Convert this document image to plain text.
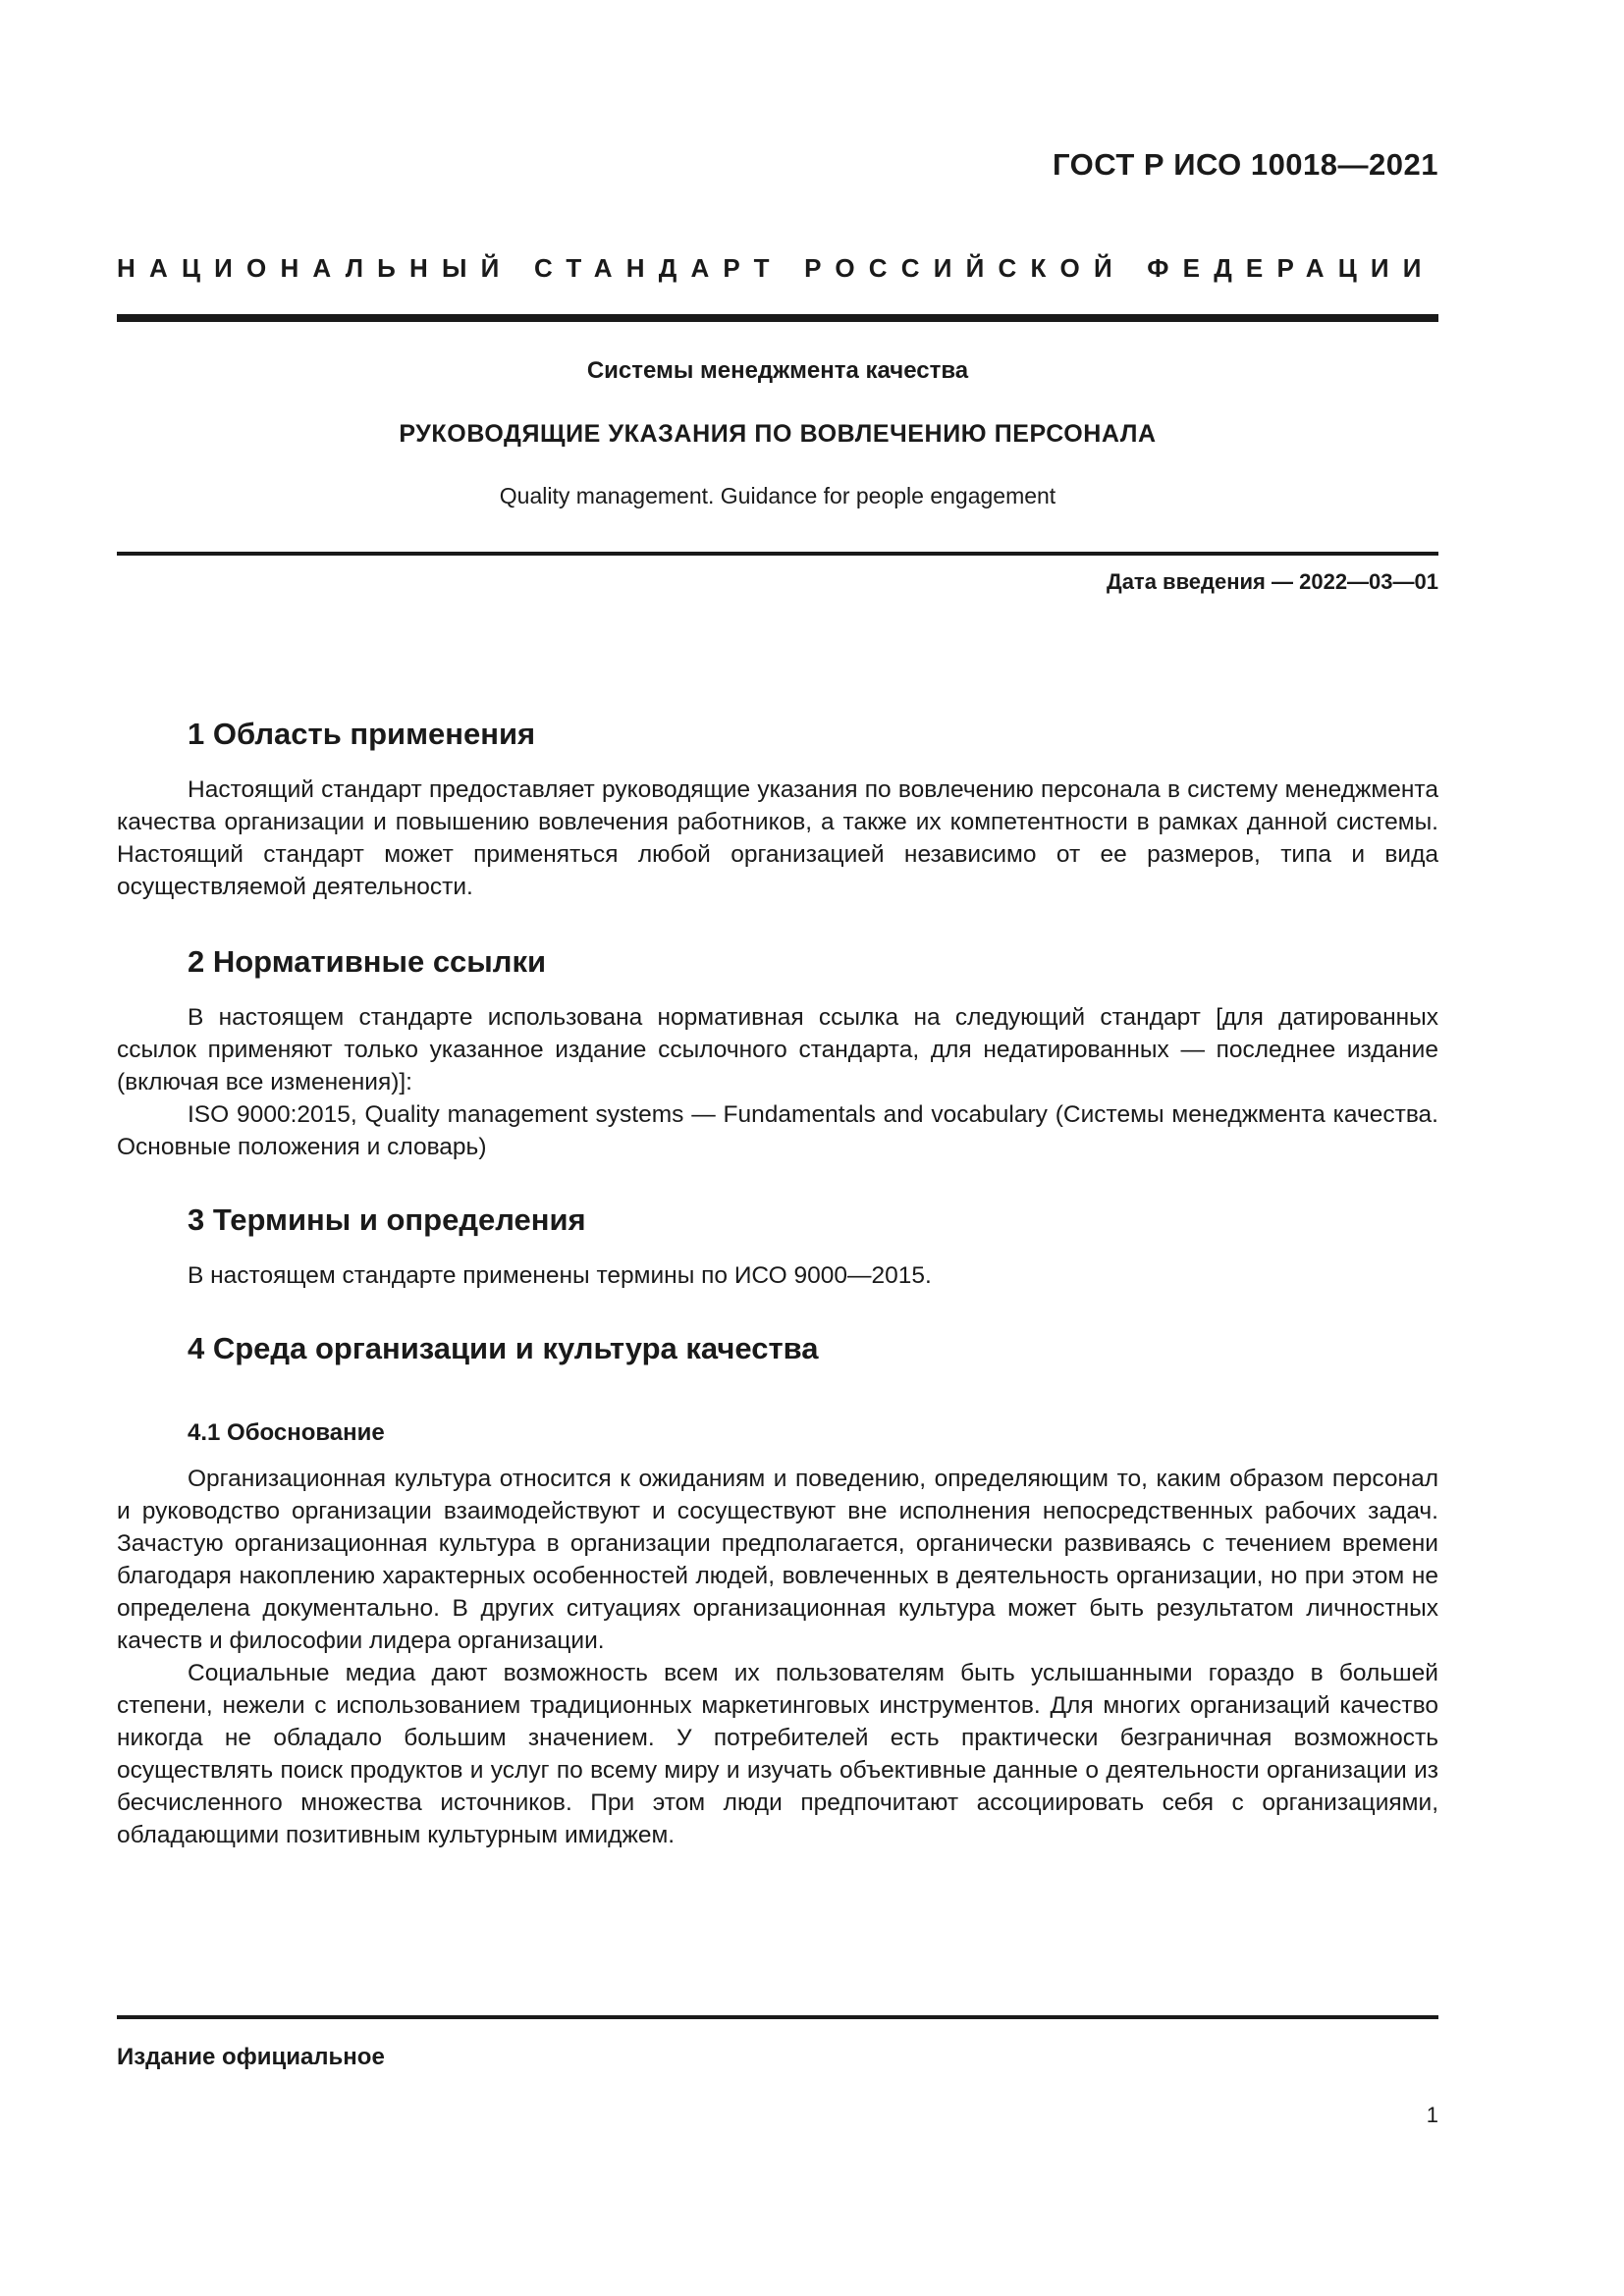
ГОСТ Р ИСО 10018—2021
НАЦИОНАЛЬНЫЙ СТАНДАРТ РОССИЙСКОЙ ФЕДЕРАЦИИ
Системы менеджмента качества
РУКОВОДЯЩИЕ УКАЗАНИЯ ПО ВОВЛЕЧЕНИЮ ПЕРСОНАЛА
Quality management. Guidance for people engagement
Дата введения — 2022—03—01
1 Область применения

Настоящий стандарт предоставляет руководящие указания по вовлечению персонала в систему менеджмента качества организации и повышению вовлечения работников, а также их компетентности в рамках данной системы. Настоящий стандарт может применяться любой организацией независимо от ее размеров, типа и вида осуществляемой деятельности.

2 Нормативные ссылки

В настоящем стандарте использована нормативная ссылка на следующий стандарт [для датированных ссылок применяют только указанное издание ссылочного стандарта, для недатированных — последнее издание (включая все изменения)]:

ISO 9000:2015, Quality management systems — Fundamentals and vocabulary (Системы менеджмента качества. Основные положения и словарь)

3 Термины и определения

В настоящем стандарте применены термины по ИСО 9000—2015.

4 Среда организации и культура качества
4.1 Обоснование

Организационная культура относится к ожиданиям и поведению, определяющим то, каким образом персонал и руководство организации взаимодействуют и сосуществуют вне исполнения непосредственных рабочих задач. Зачастую организационная культура в организации предполагается, органически развиваясь с течением времени благодаря накоплению характерных особенностей людей, вовлеченных в деятельность организации, но при этом не определена документально. В других ситуациях организационная культура может быть результатом личностных качеств и философии лидера организации.

Социальные медиа дают возможность всем их пользователям быть услышанными гораздо в большей степени, нежели с использованием традиционных маркетинговых инструментов. Для многих организаций качество никогда не обладало большим значением. У потребителей есть практически безграничная возможность осуществлять поиск продуктов и услуг по всему миру и изучать объективные данные о деятельности организации из бесчисленного множества источников. При этом люди предпочитают ассоциировать себя с организациями, обладающими позитивным культурным имиджем.

Издание официальное
1
